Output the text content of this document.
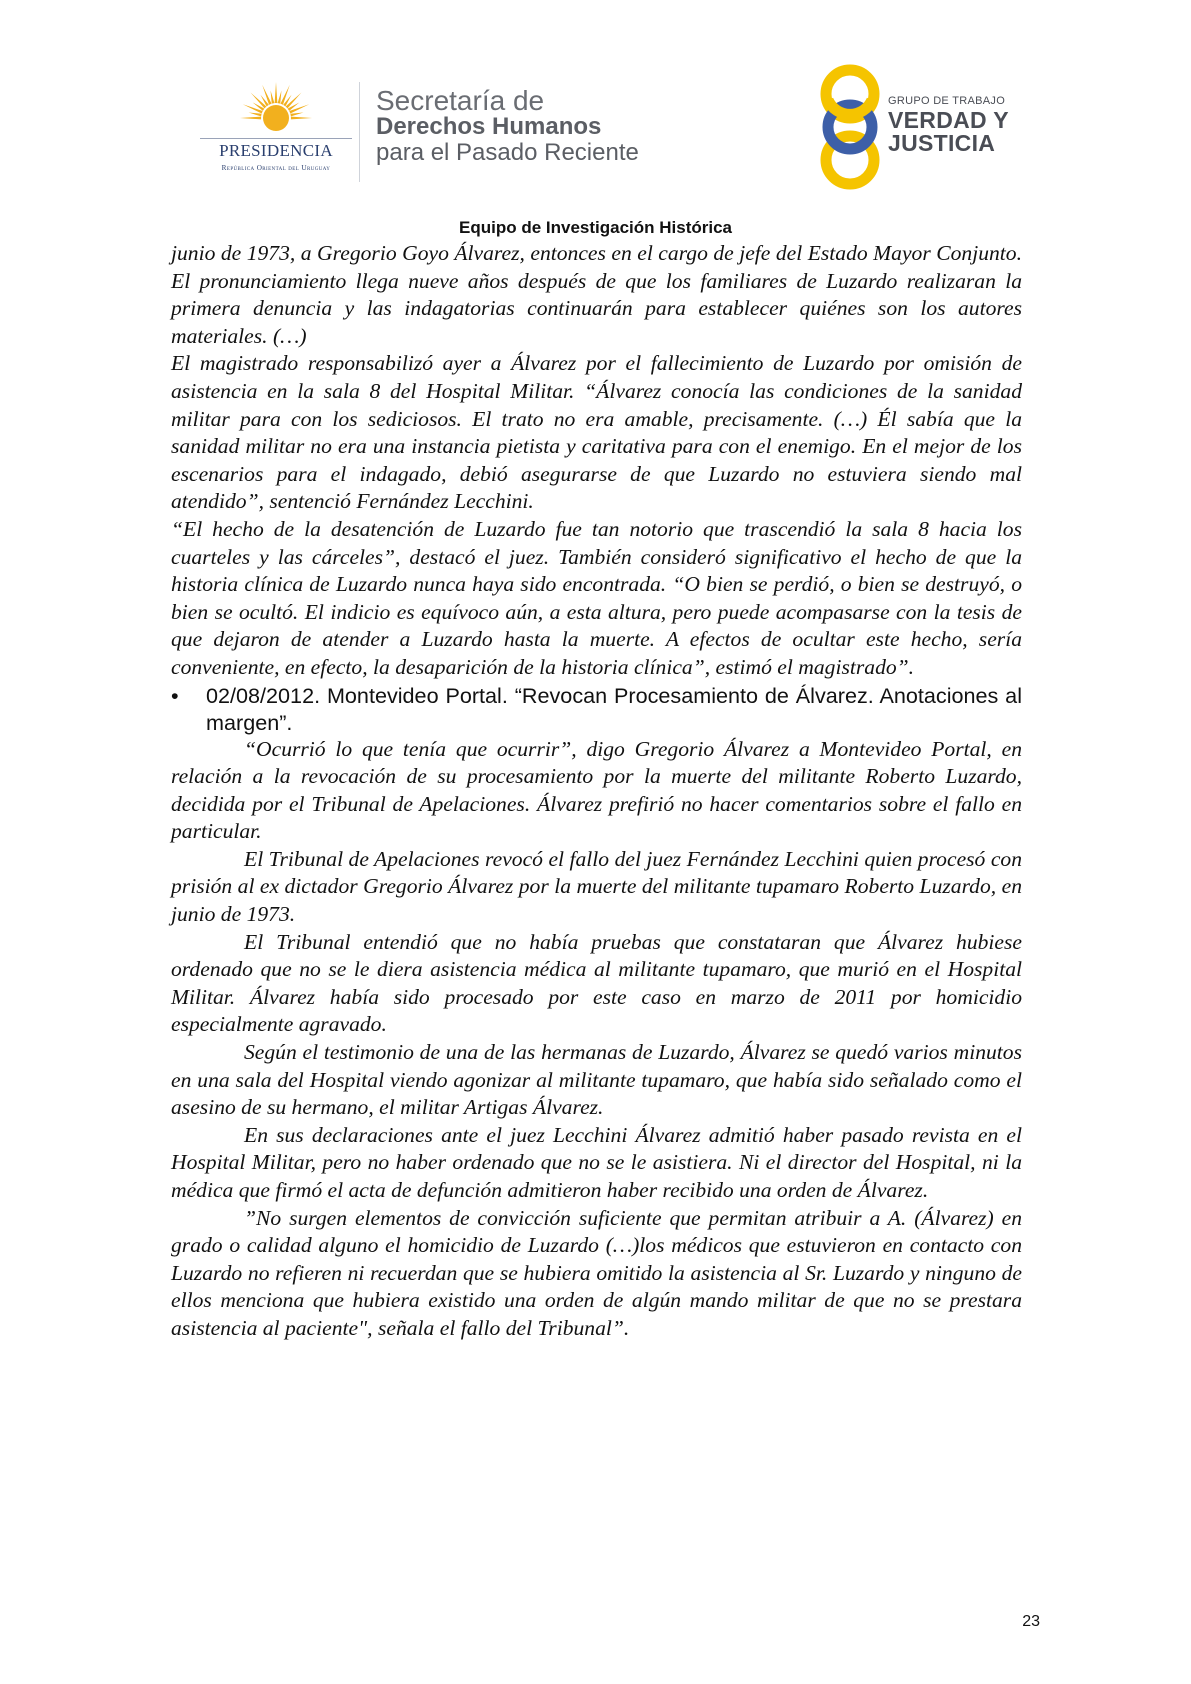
PRESIDENCIA
República Oriental del Uruguay
Secretaría de
Derechos Humanos
para el Pasado Reciente
GRUPO DE TRABAJO
VERDAD Y
JUSTICIA
Equipo de Investigación Histórica

junio de 1973, a Gregorio Goyo Álvarez, entonces en el cargo de jefe del Estado Mayor Conjunto. El pronunciamiento llega nueve años después de que los familiares de Luzardo realizaran la primera denuncia y las indagatorias continuarán para establecer quiénes son los autores materiales. (…)

El magistrado responsabilizó ayer a Álvarez por el fallecimiento de Luzardo por omisión de asistencia en la sala 8 del Hospital Militar. “Álvarez conocía las condiciones de la sanidad militar para con los sediciosos. El trato no era amable, precisamente. (…) Él sabía que la sanidad militar no era una instancia pietista y caritativa para con el enemigo. En el mejor de los escenarios para el indagado, debió asegurarse de que Luzardo no estuviera siendo mal atendido”, sentenció Fernández Lecchini.

“El hecho de la desatención de Luzardo fue tan notorio que trascendió la sala 8 hacia los cuarteles y las cárceles”, destacó el juez. También consideró significativo el hecho de que la historia clínica de Luzardo nunca haya sido encontrada. “O bien se perdió, o bien se destruyó, o bien se ocultó. El indicio es equívoco aún, a esta altura, pero puede acompasarse con la tesis de que dejaron de atender a Luzardo hasta la muerte. A efectos de ocultar este hecho, sería conveniente, en efecto, la desaparición de la historia clínica”, estimó el magistrado”.

• 02/08/2012. Montevideo Portal. “Revocan Procesamiento de Álvarez. Anotaciones al margen”.

“Ocurrió lo que tenía que ocurrir”, digo Gregorio Álvarez a Montevideo Portal, en relación a la revocación de su procesamiento por la muerte del militante Roberto Luzardo, decidida por el Tribunal de Apelaciones. Álvarez prefirió no hacer comentarios sobre el fallo en particular.

El Tribunal de Apelaciones revocó el fallo del juez Fernández Lecchini quien procesó con prisión al ex dictador Gregorio Álvarez por la muerte del militante tupamaro Roberto Luzardo, en junio de 1973.

El Tribunal entendió que no había pruebas que constataran que Álvarez hubiese ordenado que no se le diera asistencia médica al militante tupamaro, que murió en el Hospital Militar. Álvarez había sido procesado por este caso en marzo de 2011 por homicidio especialmente agravado.

Según el testimonio de una de las hermanas de Luzardo, Álvarez se quedó varios minutos en una sala del Hospital viendo agonizar al militante tupamaro, que había sido señalado como el asesino de su hermano, el militar Artigas Álvarez.

En sus declaraciones ante el juez Lecchini Álvarez admitió haber pasado revista en el Hospital Militar, pero no haber ordenado que no se le asistiera. Ni el director del Hospital, ni la médica que firmó el acta de defunción admitieron haber recibido una orden de Álvarez.

”No surgen elementos de convicción suficiente que permitan atribuir a A. (Álvarez) en grado o calidad alguno el homicidio de Luzardo (…)los médicos que estuvieron en contacto con Luzardo no refieren ni recuerdan que se hubiera omitido la asistencia al Sr. Luzardo y ninguno de ellos menciona que hubiera existido una orden de algún mando militar de que no se prestara asistencia al paciente", señala el fallo del Tribunal”.

23
